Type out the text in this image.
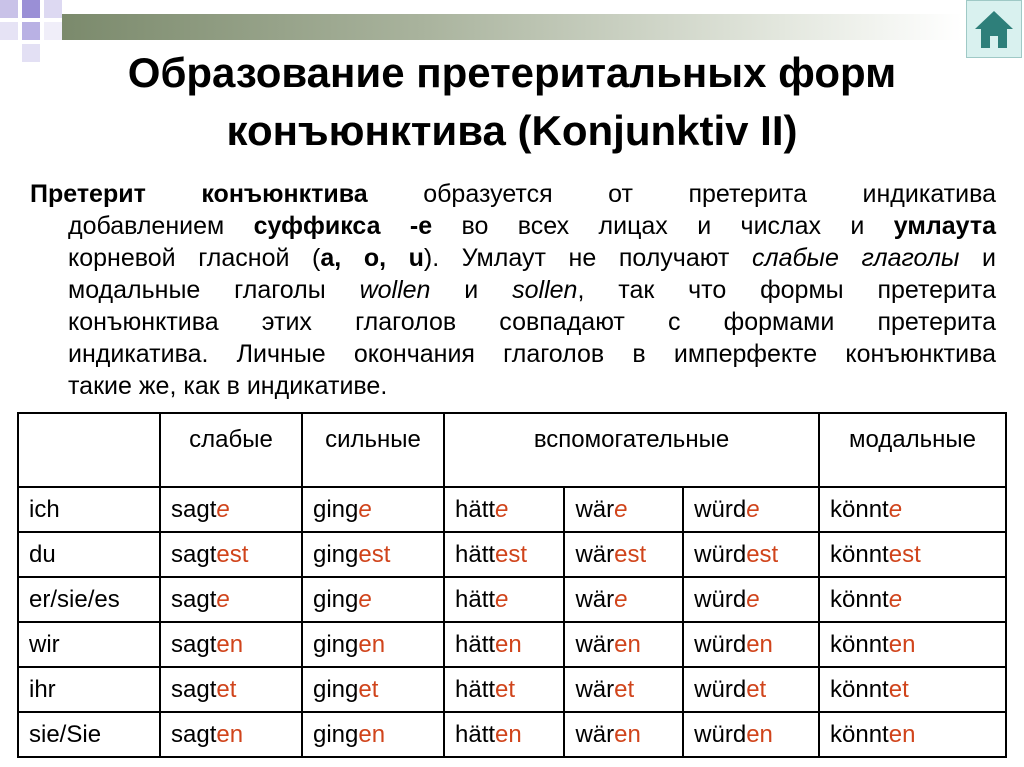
Образование претеритальных форм
конъюнктива (Konjunktiv II)
Претерит конъюнктива образуется от претерита индикатива
добавлением суффикса -е во всех лицах и числах и умлаута
корневой гласной (a, o, u). Умлаут не получают слабые глаголы и
модальные глаголы wollen и sollen, так что формы претерита
конъюнктива этих глаголов совпадают с формами претерита
индикатива. Личные окончания глаголов в имперфекте конъюнктива
такие же, как в индикативе.
	слабые	сильные	вспомогательные			модальные
ich	sagte	ginge	hätte	wäre	würde	könnte
du	sagtest	gingest	hättest	wärest	würdest	könntest
er/sie/es	sagte	ginge	hätte	wäre	würde	könnte
wir	sagten	gingen	hätten	wären	würden	könnten
ihr	sagtet	ginget	hättet	wäret	würdet	könntet
sie/Sie	sagten	gingen	hätten	wären	würden	könnten
